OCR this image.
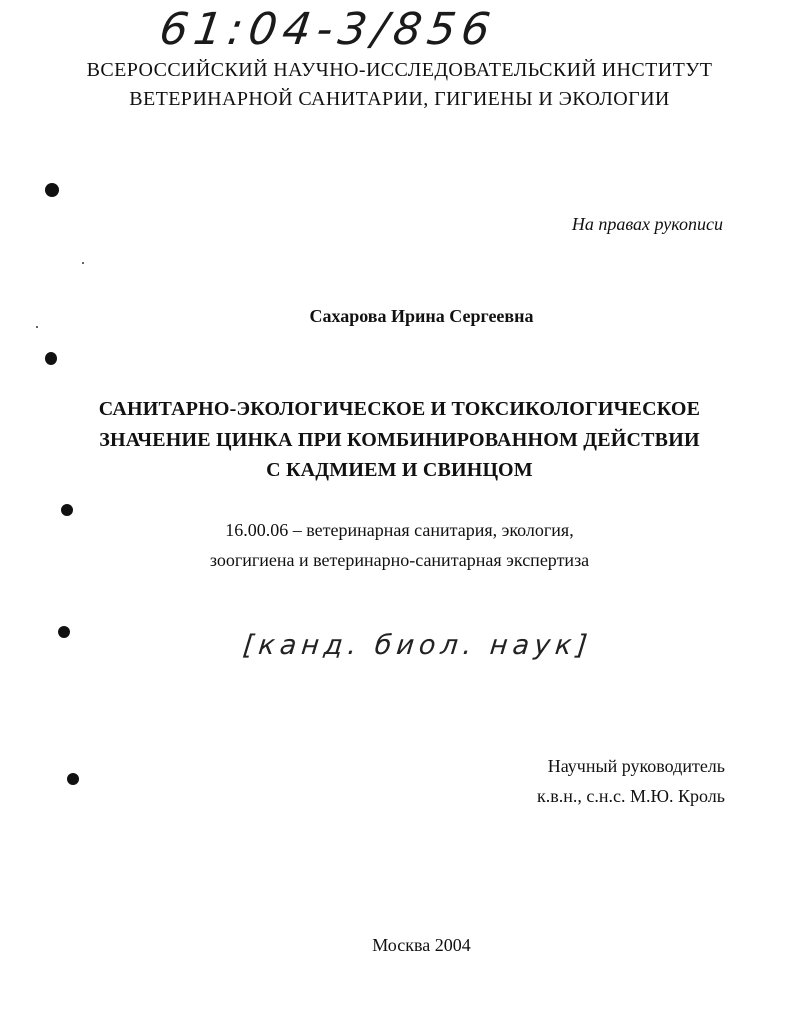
61:04-3/856
ВСЕРОССИЙСКИЙ НАУЧНО-ИССЛЕДОВАТЕЛЬСКИЙ ИНСТИТУТ
ВЕТЕРИНАРНОЙ САНИТАРИИ, ГИГИЕНЫ И ЭКОЛОГИИ
На правах рукописи
Сахарова Ирина Сергеевна
САНИТАРНО-ЭКОЛОГИЧЕСКОЕ И ТОКСИКОЛОГИЧЕСКОЕ
ЗНАЧЕНИЕ ЦИНКА ПРИ КОМБИНИРОВАННОМ ДЕЙСТВИИ
С КАДМИЕМ И СВИНЦОМ
16.00.06 – ветеринарная санитария, экология,
зоогигиена и ветеринарно-санитарная экспертиза
[канд. биол. наук]
Научный руководитель
к.в.н., с.н.с. М.Ю. Кроль
Москва 2004
